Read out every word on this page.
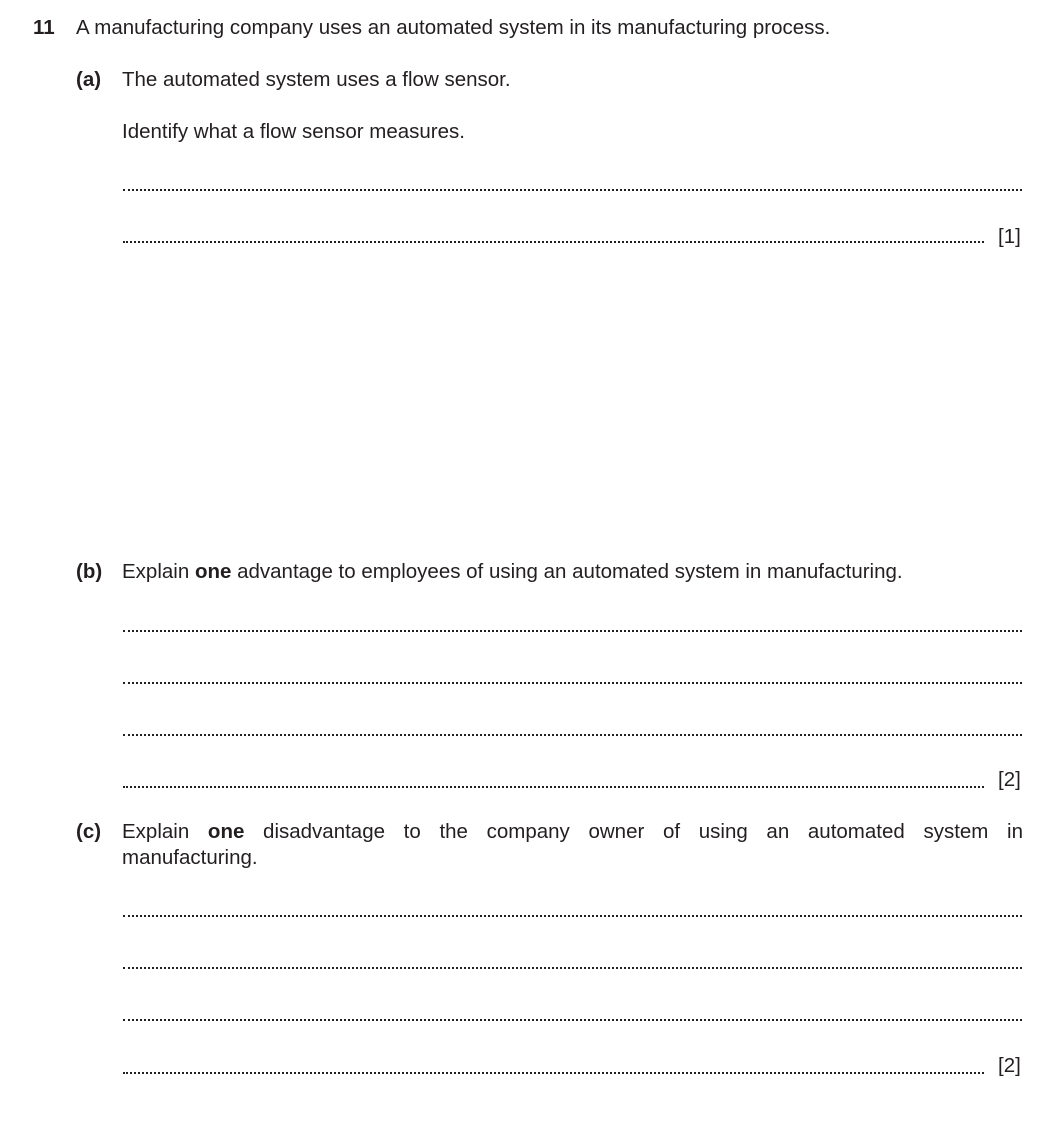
11 A manufacturing company uses an automated system in its manufacturing process.
(a) The automated system uses a flow sensor.
Identify what a flow sensor measures.
[1]
(b) Explain one advantage to employees of using an automated system in manufacturing.
[2]
(c) Explain one disadvantage to the company owner of using an automated system in
manufacturing.
[2]
